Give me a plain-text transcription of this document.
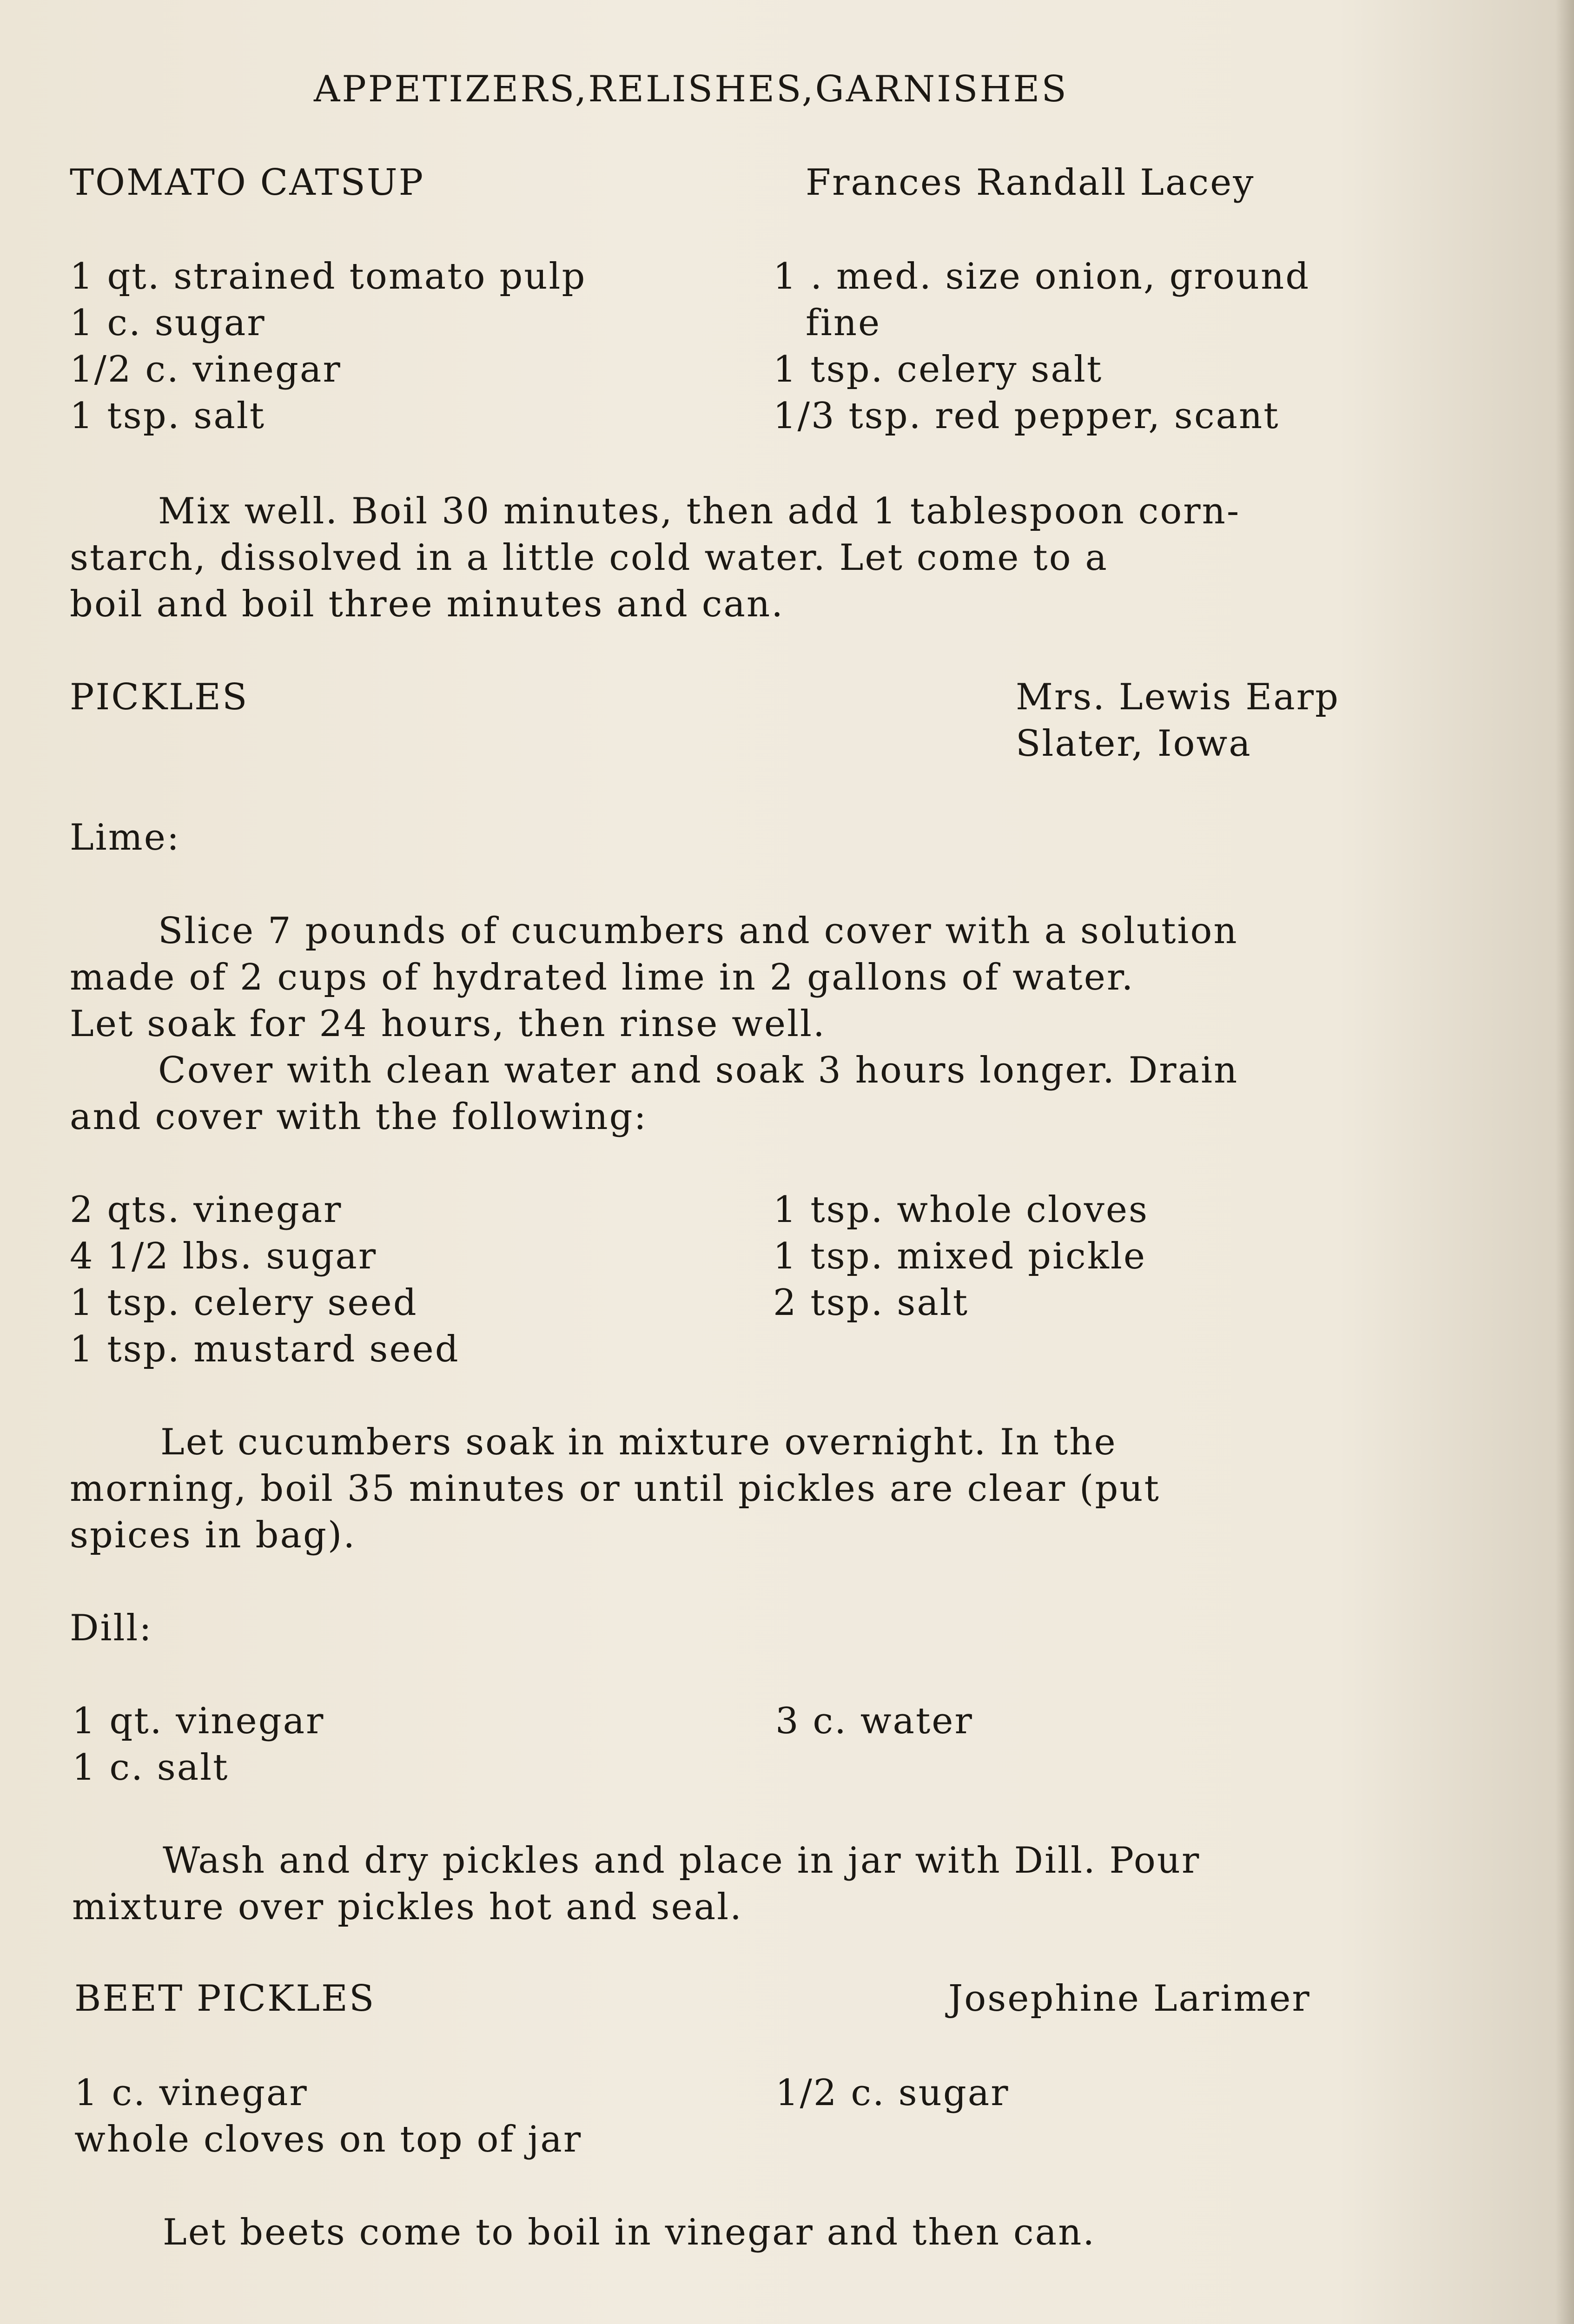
APPETIZERS,RELISHES,GARNISHES
TOMATO CATSUP	Frances Randall Lacey
1 qt. strained tomato pulp
1 c. sugar
1/2 c. vinegar
1 tsp. salt
1 . med. size onion, ground
fine
1 tsp. celery salt
1/3 tsp. red pepper, scant
Mix well. Boil 30 minutes, then add 1 tablespoon corn-
starch, dissolved in a little cold water. Let come to a
boil and boil three minutes and can.
PICKLES	Mrs. Lewis Earp
Slater, Iowa
Lime:
Slice 7 pounds of cucumbers and cover with a solution
made of 2 cups of hydrated lime in 2 gallons of water.
Let soak for 24 hours, then rinse well.
Cover with clean water and soak 3 hours longer. Drain
and cover with the following:
2 qts. vinegar
4 1/2 lbs. sugar
1 tsp. celery seed
1 tsp. mustard seed
1 tsp. whole cloves
1 tsp. mixed pickle
2 tsp. salt
Let cucumbers soak in mixture overnight. In the
morning, boil 35 minutes or until pickles are clear (put
spices in bag).
Dill:
1 qt. vinegar
1 c. salt
3 c. water
Wash and dry pickles and place in jar with Dill. Pour
mixture over pickles hot and seal.
BEET PICKLES	Josephine Larimer
1 c. vinegar
whole cloves on top of jar
1/2 c. sugar
Let beets come to boil in vinegar and then can.
